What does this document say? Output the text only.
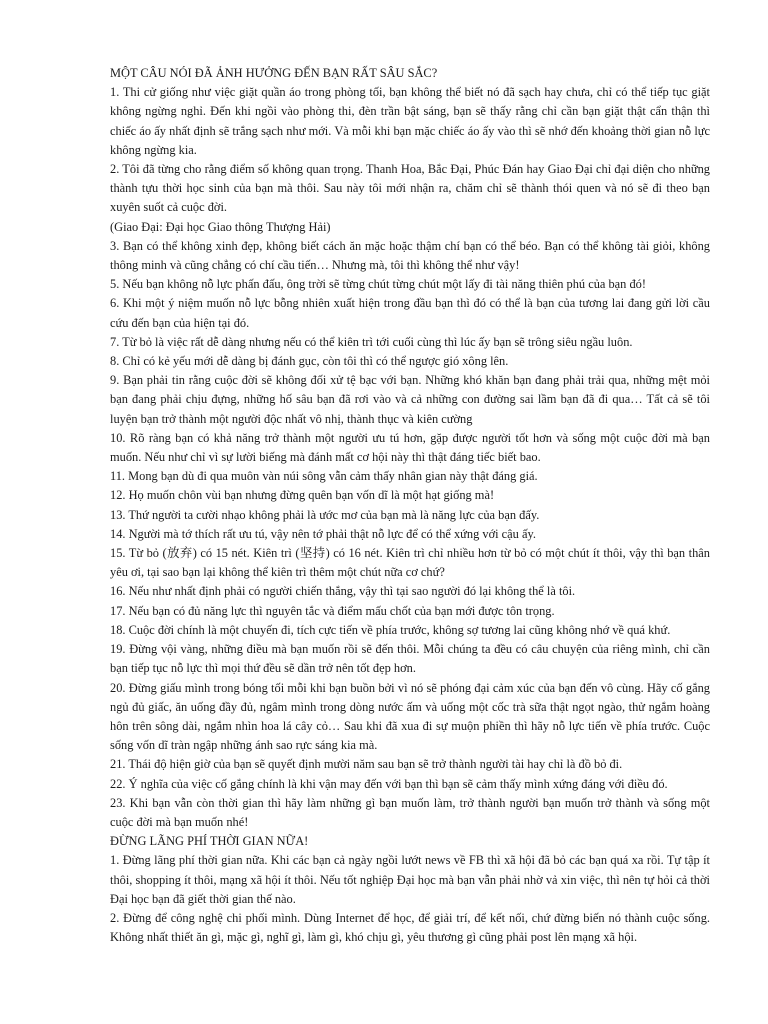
MỘT CÂU NÓI ĐÃ ẢNH HƯỞNG ĐẾN BẠN RẤT SÂU SẮC?

1. Thi cử giống như việc giặt quần áo trong phòng tối, bạn không thể biết nó đã sạch hay chưa, chỉ có thể tiếp tục giặt không ngừng nghỉ. Đến khi ngồi vào phòng thi, đèn trần bật sáng, bạn sẽ thấy rằng chỉ cần bạn giặt thật cẩn thận thì chiếc áo ấy nhất định sẽ trắng sạch như mới. Và mỗi khi bạn mặc chiếc áo ấy vào thì sẽ nhớ đến khoảng thời gian nỗ lực không ngừng kia.

2. Tôi đã từng cho rằng điểm số không quan trọng. Thanh Hoa, Bắc Đại, Phúc Đán hay Giao Đại chỉ đại diện cho những thành tựu thời học sinh của bạn mà thôi. Sau này tôi mới nhận ra, chăm chỉ sẽ thành thói quen và nó sẽ đi theo bạn xuyên suốt cả cuộc đời.

(Giao Đại: Đại học Giao thông Thượng Hải)

3. Bạn có thể không xinh đẹp, không biết cách ăn mặc hoặc thậm chí bạn có thể béo. Bạn có thể không tài giỏi, không thông minh và cũng chẳng có chí cầu tiến… Nhưng mà, tôi thì không thể như vậy!

5. Nếu bạn không nỗ lực phấn đấu, ông trời sẽ từng chút từng chút một lấy đi tài năng thiên phú của bạn đó!

6. Khi một ý niệm muốn nỗ lực bỗng nhiên xuất hiện trong đầu bạn thì đó có thể là bạn của tương lai đang gửi lời cầu cứu đến bạn của hiện tại đó.

7. Từ bỏ là việc rất dễ dàng nhưng nếu có thể kiên trì tới cuối cùng thì lúc ấy bạn sẽ trông siêu ngầu luôn.

8. Chỉ có kẻ yếu mới dễ dàng bị đánh gục, còn tôi thì có thể ngược gió xông lên.

9. Bạn phải tin rằng cuộc đời sẽ không đối xử tệ bạc với bạn. Những khó khăn bạn đang phải trải qua, những mệt mỏi bạn đang phải chịu đựng, những hố sâu bạn đã rơi vào và cả những con đường sai lầm bạn đã đi qua… Tất cả sẽ tôi luyện bạn trở thành một người độc nhất vô nhị, thành thục và kiên cường

10. Rõ ràng bạn có khả năng trở thành một người ưu tú hơn, gặp được người tốt hơn và sống một cuộc đời mà bạn muốn. Nếu như chỉ vì sự lười biếng mà đánh mất cơ hội này thì thật đáng tiếc biết bao.

11. Mong bạn dù đi qua muôn vàn núi sông vẫn cảm thấy nhân gian này thật đáng giá.

12. Họ muốn chôn vùi bạn nhưng đừng quên bạn vốn dĩ là một hạt giống mà!

13. Thứ người ta cười nhạo không phải là ước mơ của bạn mà là năng lực của bạn đấy.

14. Người mà tớ thích rất ưu tú, vậy nên tớ phải thật nỗ lực để có thể xứng với cậu ấy.

15. Từ bỏ (放弃) có 15 nét. Kiên trì (坚持) có 16 nét. Kiên trì chỉ nhiều hơn từ bỏ có một chút ít thôi, vậy thì bạn thân yêu ơi, tại sao bạn lại không thể kiên trì thêm một chút nữa cơ chứ?

16. Nếu như nhất định phải có người chiến thắng, vậy thì tại sao người đó lại không thể là tôi.

17. Nếu bạn có đủ năng lực thì nguyên tắc và điểm mấu chốt của bạn mới được tôn trọng.

18. Cuộc đời chính là một chuyến đi, tích cực tiến về phía trước, không sợ tương lai cũng không nhớ về quá khứ.

19. Đừng vội vàng, những điều mà bạn muốn rồi sẽ đến thôi. Mỗi chúng ta đều có câu chuyện của riêng mình, chỉ cần bạn tiếp tục nỗ lực thì mọi thứ đều sẽ dần trở nên tốt đẹp hơn.

20. Đừng giấu mình trong bóng tối mỗi khi bạn buồn bởi vì nó sẽ phóng đại cảm xúc của bạn đến vô cùng. Hãy cố gắng ngủ đủ giấc, ăn uống đầy đủ, ngâm mình trong dòng nước ấm và uống một cốc trà sữa thật ngọt ngào, thử ngắm hoàng hôn trên sông dài, ngắm nhìn hoa lá cây cỏ… Sau khi đã xua đi sự muộn phiền thì hãy nỗ lực tiến về phía trước. Cuộc sống vốn dĩ tràn ngập những ánh sao rực sáng kia mà.

21. Thái độ hiện giờ của bạn sẽ quyết định mười năm sau bạn sẽ trở thành người tài hay chỉ là đồ bỏ đi.

22. Ý nghĩa của việc cố gắng chính là khi vận may đến với bạn thì bạn sẽ cảm thấy mình xứng đáng với điều đó.

23. Khi bạn vẫn còn thời gian thì hãy làm những gì bạn muốn làm, trở thành người bạn muốn trở thành và sống một cuộc đời mà bạn muốn nhé!

ĐỪNG LÃNG PHÍ THỜI GIAN NỮA!

1. Đừng lãng phí thời gian nữa. Khi các bạn cả ngày ngồi lướt news về FB thì xã hội đã bỏ các bạn quá xa rồi. Tự tập ít thôi, shopping ít thôi, mạng xã hội ít thôi. Nếu tốt nghiệp Đại học mà bạn vẫn phải nhờ vả xin việc, thì nên tự hỏi cả thời Đại học bạn đã giết thời gian thế nào.

2. Đừng để công nghệ chi phối mình. Dùng Internet để học, để giải trí, để kết nối, chứ đừng biến nó thành cuộc sống. Không nhất thiết ăn gì, mặc gì, nghĩ gì, làm gì, khó chịu gì, yêu thương gì cũng phải post lên mạng xã hội.
